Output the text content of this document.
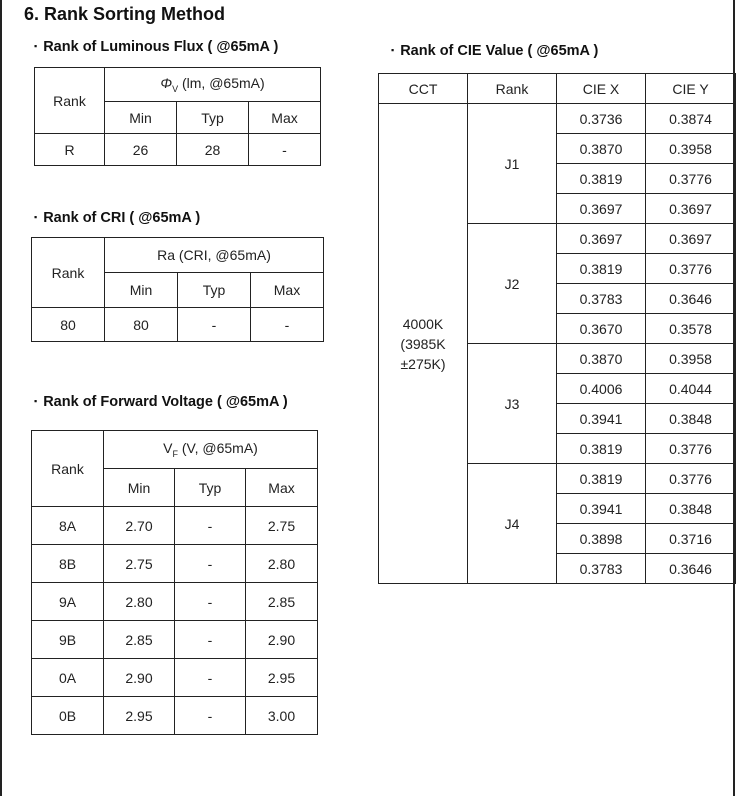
6. Rank Sorting Method
▪ Rank of Luminous Flux ( @65mA )
Rank	$\Phi_V$ (lm, @65mA)		
	Min	Typ	Max
R	26	28	-
▪ Rank of CRI ( @65mA )
Rank	Ra (CRI, @65mA)		
	Min	Typ	Max
80	80	-	-
▪ Rank of Forward Voltage ( @65mA )
Rank	$V_F$ (V, @65mA)		
	Min	Typ	Max
8A	2.70	-	2.75
8B	2.75	-	2.80
9A	2.80	-	2.85
9B	2.85	-	2.90
0A	2.90	-	2.95
0B	2.95	-	3.00
▪ Rank of CIE Value ( @65mA )
CCT	Rank	CIE X	CIE Y

4000K
(3985K
±275K)	J1	0.3736	0.3874
		0.3870	0.3958
		0.3819	0.3776
		0.3697	0.3697
	J2	0.3697	0.3697
		0.3819	0.3776
		0.3783	0.3646
		0.3670	0.3578
	J3	0.3870	0.3958
		0.4006	0.4044
		0.3941	0.3848
		0.3819	0.3776
	J4	0.3819	0.3776
		0.3941	0.3848
		0.3898	0.3716
		0.3783	0.3646
